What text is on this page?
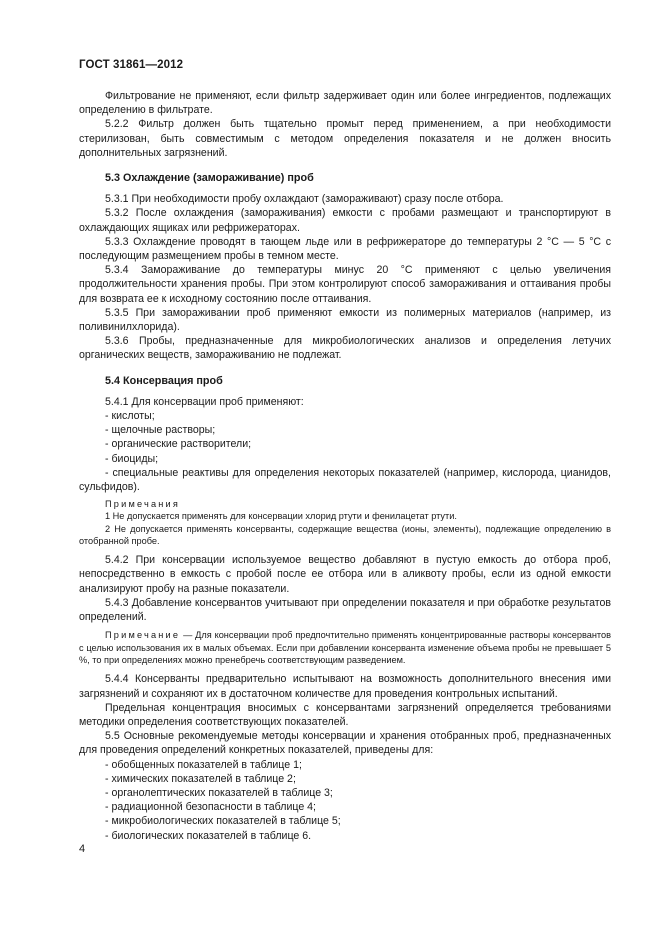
ГОСТ 31861—2012

Фильтрование не применяют, если фильтр задерживает один или более ингредиентов, подлежащих определению в фильтрате.

5.2.2 Фильтр должен быть тщательно промыт перед применением, а при необходимости стерилизован, быть совместимым с методом определения показателя и не должен вносить дополнительных загрязнений.

5.3 Охлаждение (замораживание) проб

5.3.1 При необходимости пробу охлаждают (замораживают) сразу после отбора.

5.3.2 После охлаждения (замораживания) емкости с пробами размещают и транспортируют в охлаждающих ящиках или рефрижераторах.

5.3.3 Охлаждение проводят в тающем льде или в рефрижераторе до температуры 2 °С — 5 °С с последующим размещением пробы в темном месте.

5.3.4 Замораживание до температуры минус 20 °С применяют с целью увеличения продолжительности хранения пробы. При этом контролируют способ замораживания и оттаивания пробы для возврата ее к исходному состоянию после оттаивания.

5.3.5 При замораживании проб применяют емкости из полимерных материалов (например, из поливинилхлорида).

5.3.6 Пробы, предназначенные для микробиологических анализов и определения летучих органических веществ, замораживанию не подлежат.

5.4 Консервация проб

5.4.1 Для консервации проб применяют:

- кислоты;

- щелочные растворы;

- органические растворители;

- биоциды;

- специальные реактивы для определения некоторых показателей (например, кислорода, цианидов, сульфидов).

Примечания

1 Не допускается применять для консервации хлорид ртути и фенилацетат ртути.

2 Не допускается применять консерванты, содержащие вещества (ионы, элементы), подлежащие определению в отобранной пробе.

5.4.2 При консервации используемое вещество добавляют в пустую емкость до отбора проб, непосредственно в емкость с пробой после ее отбора или в аликвоту пробы, если из одной емкости анализируют пробу на разные показатели.

5.4.3 Добавление консервантов учитывают при определении показателя и при обработке результатов определений.

Примечание — Для консервации проб предпочтительно применять концентрированные растворы консервантов с целью использования их в малых объемах. Если при добавлении консерванта изменение объема пробы не превышает 5 %, то при определениях можно пренебречь соответствующим разведением.

5.4.4 Консерванты предварительно испытывают на возможность дополнительного внесения ими загрязнений и сохраняют их в достаточном количестве для проведения контрольных испытаний.

Предельная концентрация вносимых с консервантами загрязнений определяется требованиями методики определения соответствующих показателей.

5.5 Основные рекомендуемые методы консервации и хранения отобранных проб, предназначенных для проведения определений конкретных показателей, приведены для:

- обобщенных показателей в таблице 1;

- химических показателей в таблице 2;

- органолептических показателей в таблице 3;

- радиационной безопасности в таблице 4;

- микробиологических показателей в таблице 5;

- биологических показателей в таблице 6.

4
